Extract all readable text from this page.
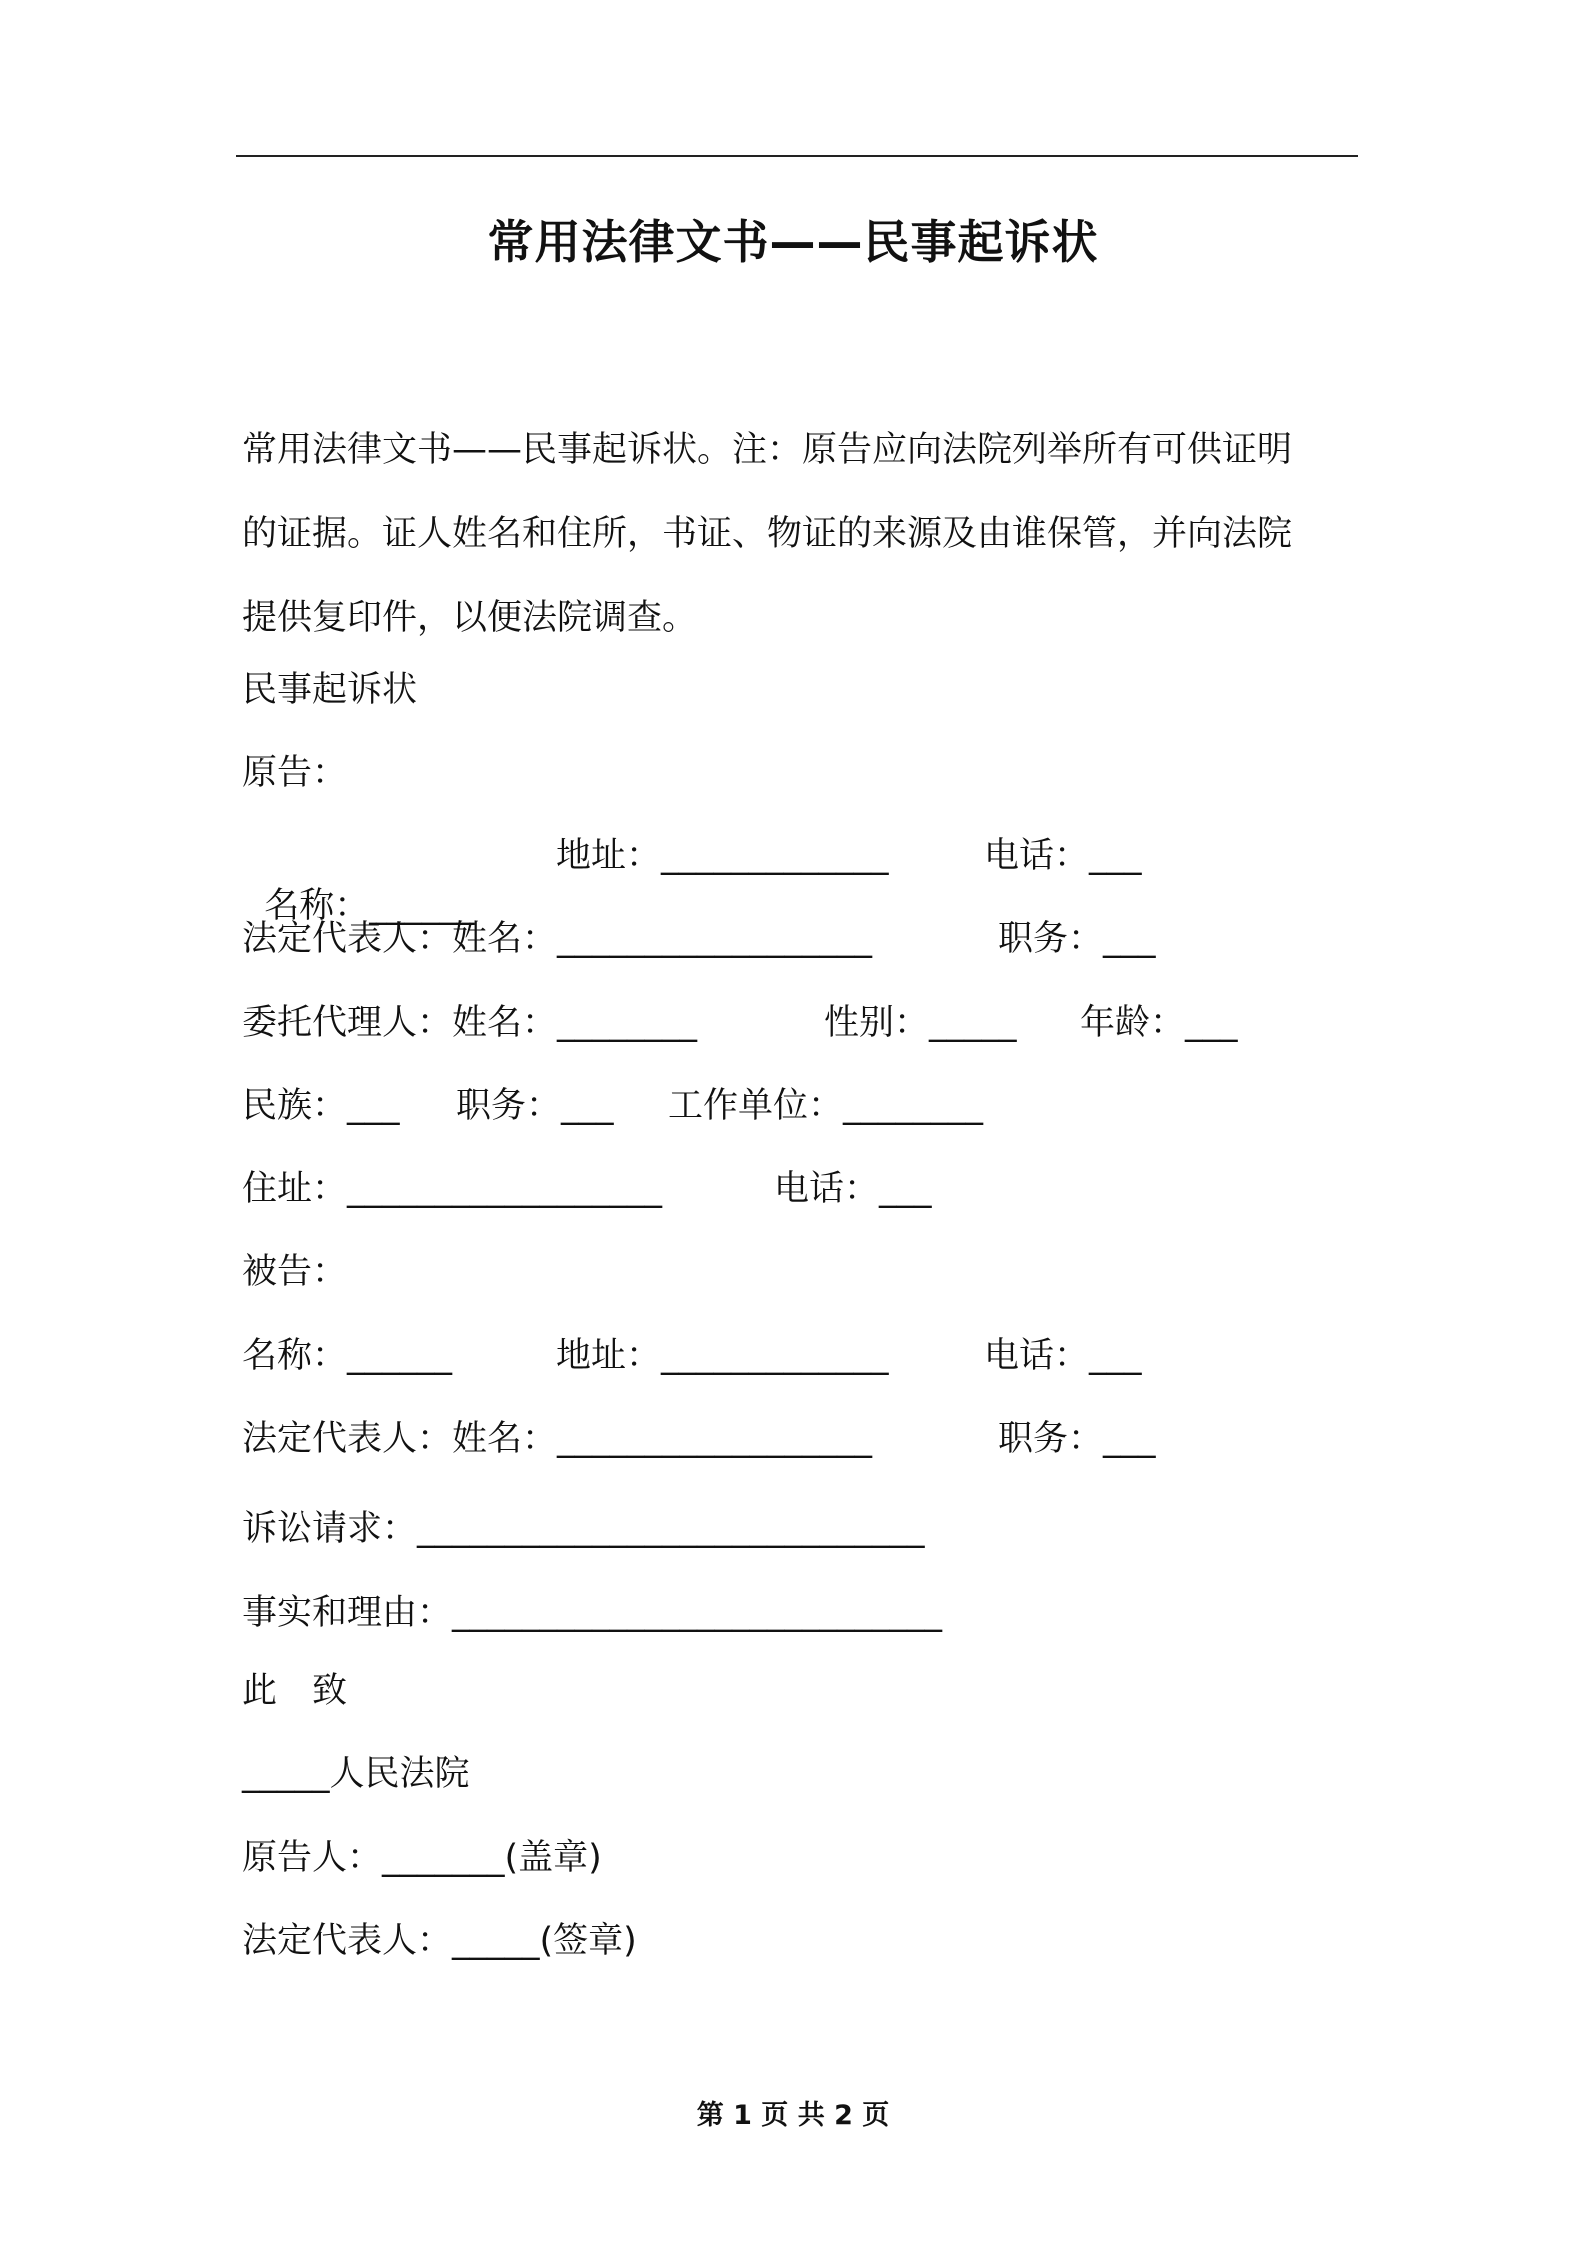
常用法律文书——民事起诉状
常用法律文书——民事起诉状。注：原告应向法院列举所有可供证明
的证据。证人姓名和住所，书证、物证的来源及由谁保管，并向法院
提供复印件，以便法院调查。
民事起诉状
原告：

名称：______

地址：_____________	电话：___
法定代表人：姓名：__________________	职务：___
委托代理人：姓名：________	性别：_____ 年龄：___
民族：___ 职务：___ 工作单位：________
住址：__________________	电话：___
被告：
名称：______	地址：_____________	电话：___
法定代表人：姓名：__________________	职务：___
诉讼请求：_____________________________
事实和理由：____________________________
此　致
_____人民法院
原告人：_______(盖章)
法定代表人：_____(签章)
第 1 页 共 2 页
